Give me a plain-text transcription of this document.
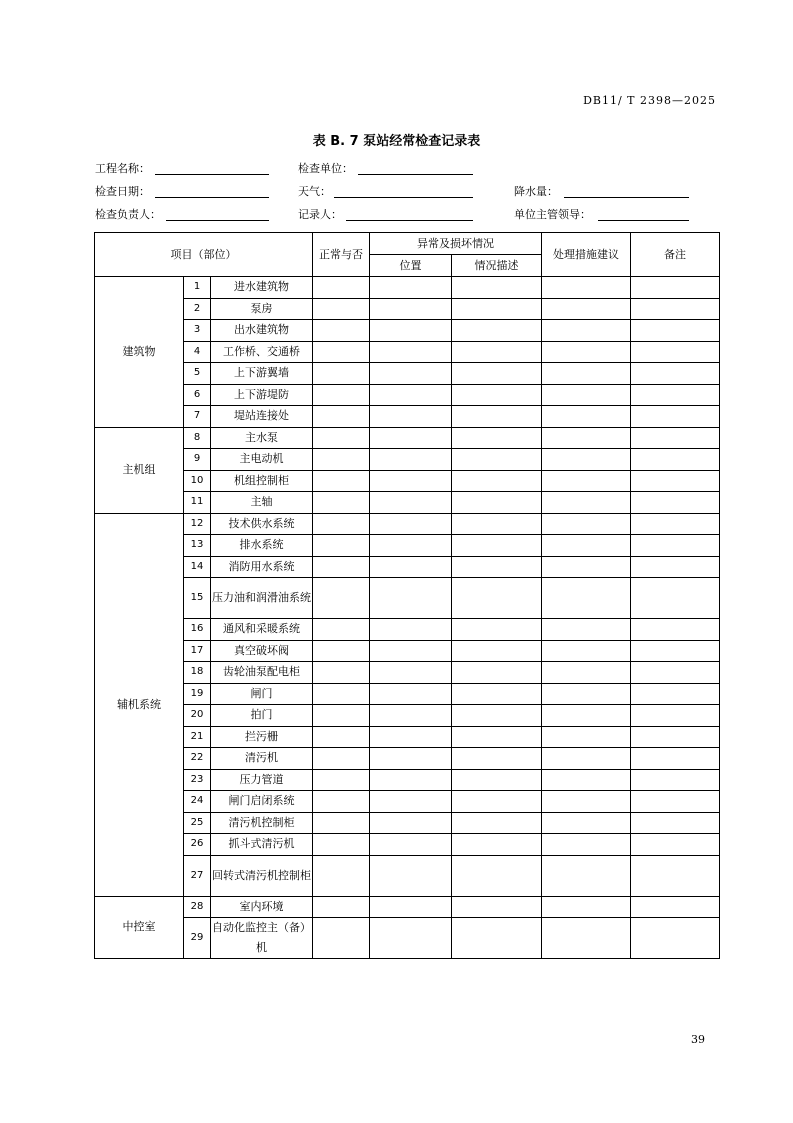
DB11/ T 2398—2025
表 B. 7 泵站经常检查记录表
工程名称：	检查单位：
检查日期：	天气：	降水量：
检查负责人：	记录人：	单位主管领导：
项目（部位）			正常与否	异常及损坏情况		处理措施建议	备注
				位置	情况描述		
建筑物	1	进水建筑物					
	2	泵房					
	3	出水建筑物					
	4	工作桥、交通桥					
	5	上下游翼墙					
	6	上下游堤防					
	7	堤站连接处					
主机组	8	主水泵					
	9	主电动机					
	10	机组控制柜					
	11	主轴					
辅机系统	12	技术供水系统					
	13	排水系统					
	14	消防用水系统					
	15	压力油和润滑油系统					
	16	通风和采暖系统					
	17	真空破坏阀					
	18	齿轮油泵配电柜					
	19	闸门					
	20	拍门					
	21	拦污栅					
	22	清污机					
	23	压力管道					
	24	闸门启闭系统					
	25	清污机控制柜					
	26	抓斗式清污机					
	27	回转式清污机控制柜					
中控室	28	室内环境					
	29	自动化监控主（备）机					
39
